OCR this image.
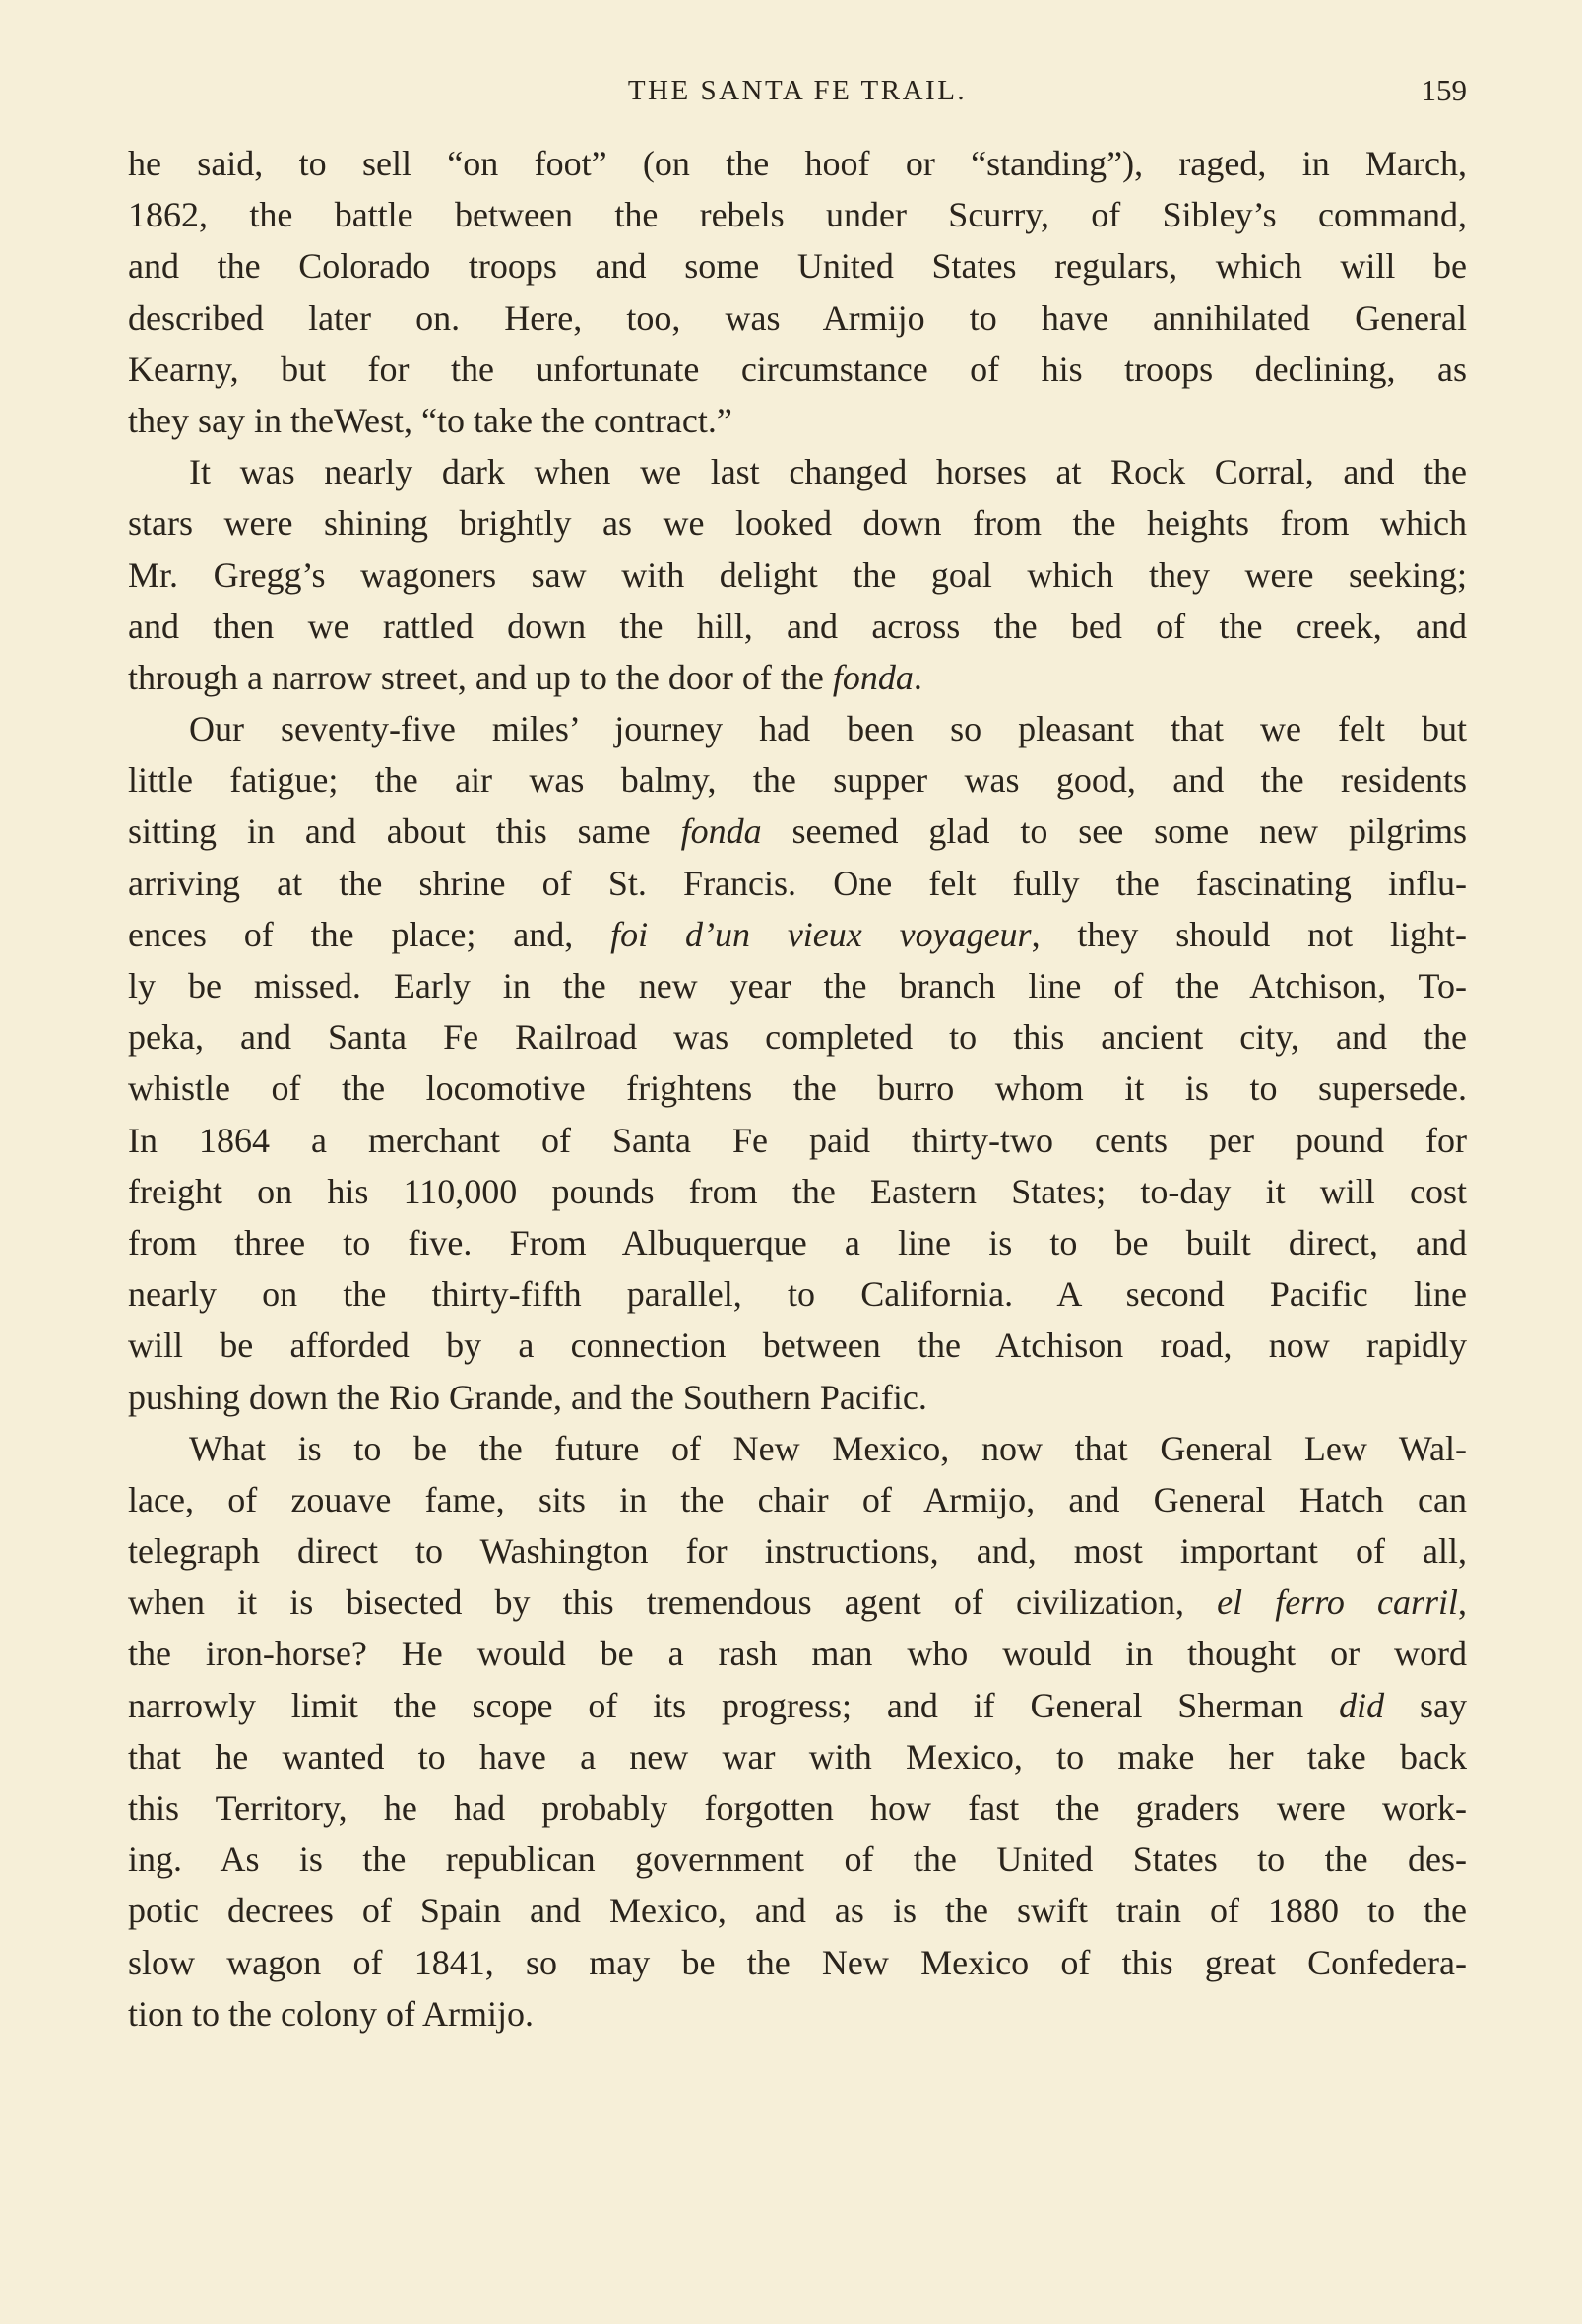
THE SANTA FE TRAIL.	159
he said, to sell “on foot” (on the hoof or “standing”), raged, in March,
1862, the battle between the rebels under Scurry, of Sibley’s command,
and the Colorado troops and some United States regulars, which will be
described later on. Here, too, was Armijo to have annihilated General
Kearny, but for the unfortunate circumstance of his troops declining, as
they say in theWest, “to take the contract.”
It was nearly dark when we last changed horses at Rock Corral, and the
stars were shining brightly as we looked down from the heights from which
Mr. Gregg’s wagoners saw with delight the goal which they were seeking;
and then we rattled down the hill, and across the bed of the creek, and
through a narrow street, and up to the door of the fonda.
Our seventy-five miles’ journey had been so pleasant that we felt but
little fatigue; the air was balmy, the supper was good, and the residents
sitting in and about this same fonda seemed glad to see some new pilgrims
arriving at the shrine of St. Francis. One felt fully the fascinating influ-
ences of the place; and, foi d’un vieux voyageur, they should not light-
ly be missed. Early in the new year the branch line of the Atchison, To-
peka, and Santa Fe Railroad was completed to this ancient city, and the
whistle of the locomotive frightens the burro whom it is to supersede.
In 1864 a merchant of Santa Fe paid thirty-two cents per pound for
freight on his 110,000 pounds from the Eastern States; to-day it will cost
from three to five. From Albuquerque a line is to be built direct, and
nearly on the thirty-fifth parallel, to California. A second Pacific line
will be afforded by a connection between the Atchison road, now rapidly
pushing down the Rio Grande, and the Southern Pacific.
What is to be the future of New Mexico, now that General Lew Wal-
lace, of zouave fame, sits in the chair of Armijo, and General Hatch can
telegraph direct to Washington for instructions, and, most important of all,
when it is bisected by this tremendous agent of civilization, el ferro carril,
the iron-horse? He would be a rash man who would in thought or word
narrowly limit the scope of its progress; and if General Sherman did say
that he wanted to have a new war with Mexico, to make her take back
this Territory, he had probably forgotten how fast the graders were work-
ing. As is the republican government of the United States to the des-
potic decrees of Spain and Mexico, and as is the swift train of 1880 to the
slow wagon of 1841, so may be the New Mexico of this great Confedera-
tion to the colony of Armijo.
